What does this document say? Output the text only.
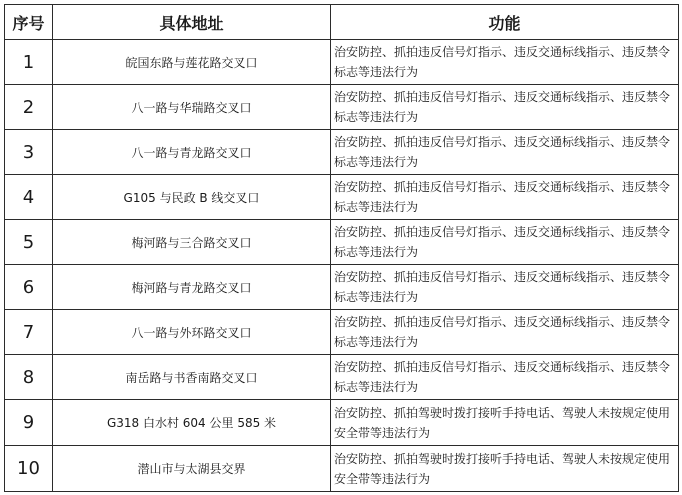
序号	具体地址	功能
1	皖国东路与莲花路交叉口	治安防控、抓拍违反信号灯指示、违反交通标线指示、违反禁令标志等违法行为
2	八一路与华瑞路交叉口	治安防控、抓拍违反信号灯指示、违反交通标线指示、违反禁令标志等违法行为
3	八一路与青龙路交叉口	治安防控、抓拍违反信号灯指示、违反交通标线指示、违反禁令标志等违法行为
4	G105 与民政 B 线交叉口	治安防控、抓拍违反信号灯指示、违反交通标线指示、违反禁令标志等违法行为
5	梅河路与三合路交叉口	治安防控、抓拍违反信号灯指示、违反交通标线指示、违反禁令标志等违法行为
6	梅河路与青龙路交叉口	治安防控、抓拍违反信号灯指示、违反交通标线指示、违反禁令标志等违法行为
7	八一路与外环路交叉口	治安防控、抓拍违反信号灯指示、违反交通标线指示、违反禁令标志等违法行为
8	南岳路与书香南路交叉口	治安防控、抓拍违反信号灯指示、违反交通标线指示、违反禁令标志等违法行为
9	G318 白水村 604 公里 585 米	治安防控、抓拍驾驶时拨打接听手持电话、驾驶人未按规定使用安全带等违法行为
10	潜山市与太湖县交界	治安防控、抓拍驾驶时拨打接听手持电话、驾驶人未按规定使用安全带等违法行为
